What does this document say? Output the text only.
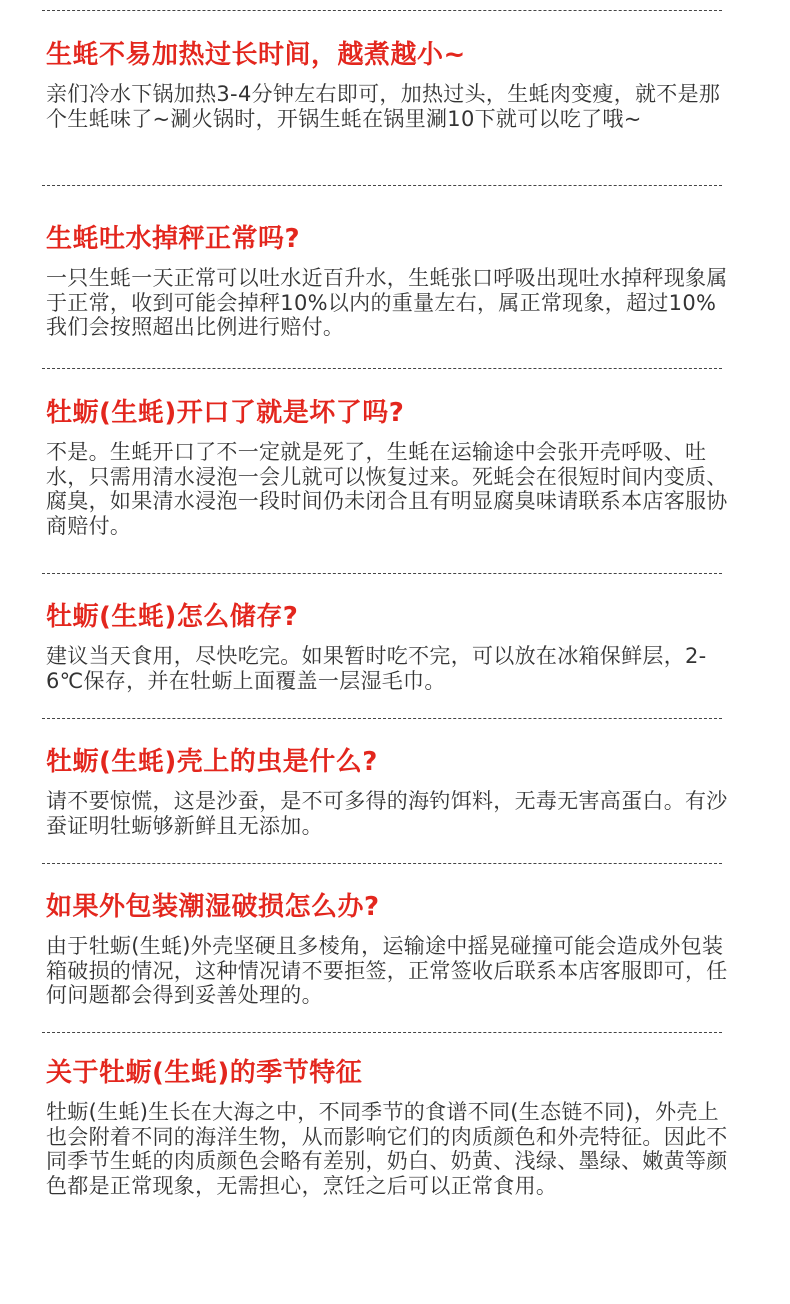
生蚝不易加热过长时间，越煮越小~

亲们冷水下锅加热3-4分钟左右即可，加热过头，生蚝肉变瘦，就不是那个生蚝味了~涮火锅时，开锅生蚝在锅里涮10下就可以吃了哦~

生蚝吐水掉秤正常吗?

一只生蚝一天正常可以吐水近百升水，生蚝张口呼吸出现吐水掉秤现象属于正常，收到可能会掉秤10%以内的重量左右，属正常现象，超过10%我们会按照超出比例进行赔付。

牡蛎(生蚝)开口了就是坏了吗?

不是。生蚝开口了不一定就是死了，生蚝在运输途中会张开壳呼吸、吐水，只需用清水浸泡一会儿就可以恢复过来。死蚝会在很短时间内变质、腐臭，如果清水浸泡一段时间仍未闭合且有明显腐臭味请联系本店客服协商赔付。

牡蛎(生蚝)怎么储存?

建议当天食用，尽快吃完。如果暂时吃不完，可以放在冰箱保鲜层，2-6℃保存，并在牡蛎上面覆盖一层湿毛巾。

牡蛎(生蚝)壳上的虫是什么?

请不要惊慌，这是沙蚕，是不可多得的海钓饵料，无毒无害高蛋白。有沙蚕证明牡蛎够新鲜且无添加。

如果外包装潮湿破损怎么办?

由于牡蛎(生蚝)外壳坚硬且多棱角，运输途中摇晃碰撞可能会造成外包装箱破损的情况，这种情况请不要拒签，正常签收后联系本店客服即可，任何问题都会得到妥善处理的。

关于牡蛎(生蚝)的季节特征

牡蛎(生蚝)生长在大海之中，不同季节的食谱不同(生态链不同)，外壳上也会附着不同的海洋生物，从而影响它们的肉质颜色和外壳特征。因此不同季节生蚝的肉质颜色会略有差别，奶白、奶黄、浅绿、墨绿、嫩黄等颜色都是正常现象，无需担心，烹饪之后可以正常食用。
